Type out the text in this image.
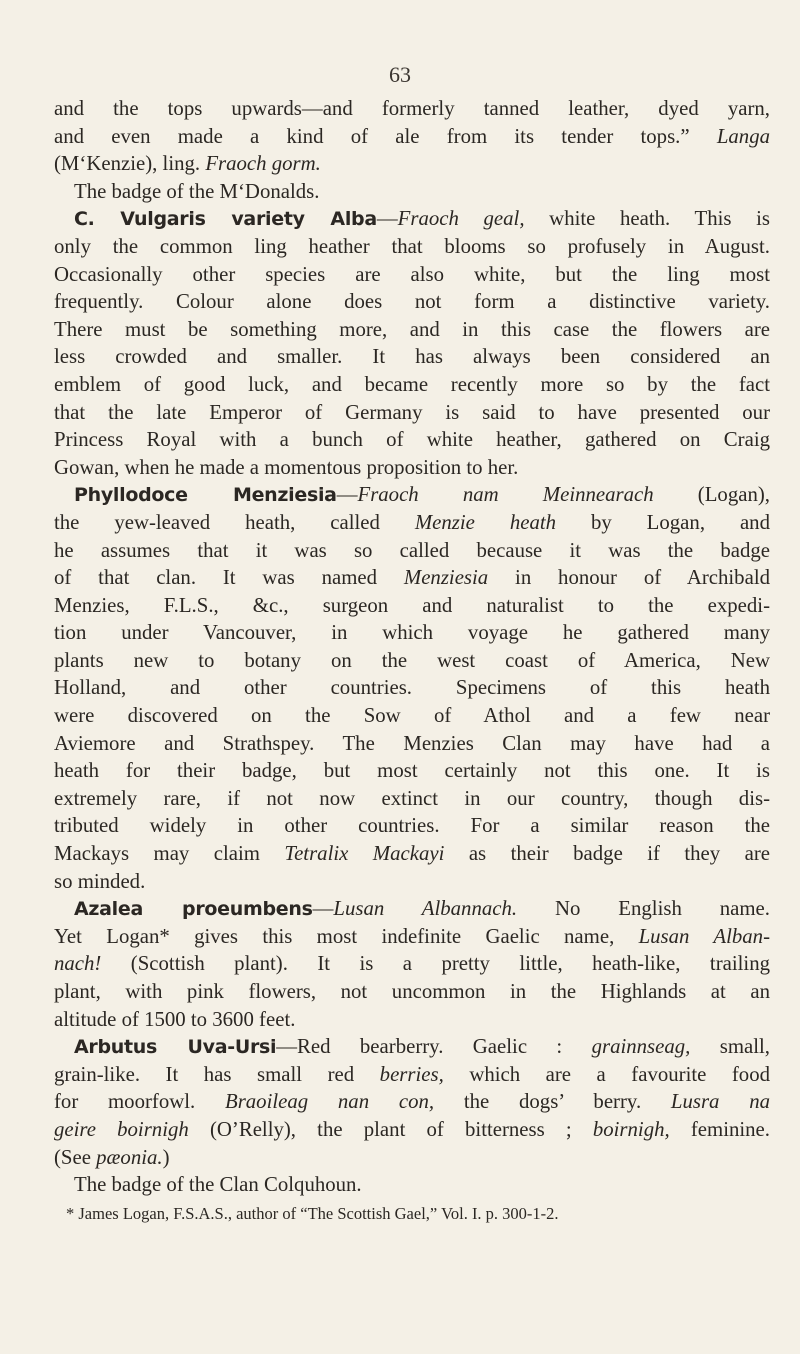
63
and the tops upwards—and formerly tanned leather, dyed yarn,
and even made a kind of ale from its tender tops.” Langa
(M‘Kenzie), ling. Fraoch gorm.
The badge of the M‘Donalds.
C. Vulgaris variety Alba—Fraoch geal, white heath. This is
only the common ling heather that blooms so profusely in August.
Occasionally other species are also white, but the ling most
frequently. Colour alone does not form a distinctive variety.
There must be something more, and in this case the flowers are
less crowded and smaller. It has always been considered an
emblem of good luck, and became recently more so by the fact
that the late Emperor of Germany is said to have presented our
Princess Royal with a bunch of white heather, gathered on Craig
Gowan, when he made a momentous proposition to her.
Phyllodoce Menziesia—Fraoch nam Meinnearach (Logan),
the yew-leaved heath, called Menzie heath by Logan, and
he assumes that it was so called because it was the badge
of that clan. It was named Menziesia in honour of Archibald
Menzies, F.L.S., &c., surgeon and naturalist to the expedi-
tion under Vancouver, in which voyage he gathered many
plants new to botany on the west coast of America, New
Holland, and other countries. Specimens of this heath
were discovered on the Sow of Athol and a few near
Aviemore and Strathspey. The Menzies Clan may have had a
heath for their badge, but most certainly not this one. It is
extremely rare, if not now extinct in our country, though dis-
tributed widely in other countries. For a similar reason the
Mackays may claim Tetralix Mackayi as their badge if they are
so minded.
Azalea proeumbens—Lusan Albannach. No English name.
Yet Logan* gives this most indefinite Gaelic name, Lusan Alban-
nach! (Scottish plant). It is a pretty little, heath-like, trailing
plant, with pink flowers, not uncommon in the Highlands at an
altitude of 1500 to 3600 feet.
Arbutus Uva-Ursi—Red bearberry. Gaelic : grainnseag, small,
grain-like. It has small red berries, which are a favourite food
for moorfowl. Braoileag nan con, the dogs’ berry. Lusra na
geire boirnigh (O’Relly), the plant of bitterness ; boirnigh, feminine.
(See pæonia.)
The badge of the Clan Colquhoun.
* James Logan, F.S.A.S., author of “The Scottish Gael,” Vol. I. p. 300-1-2.
